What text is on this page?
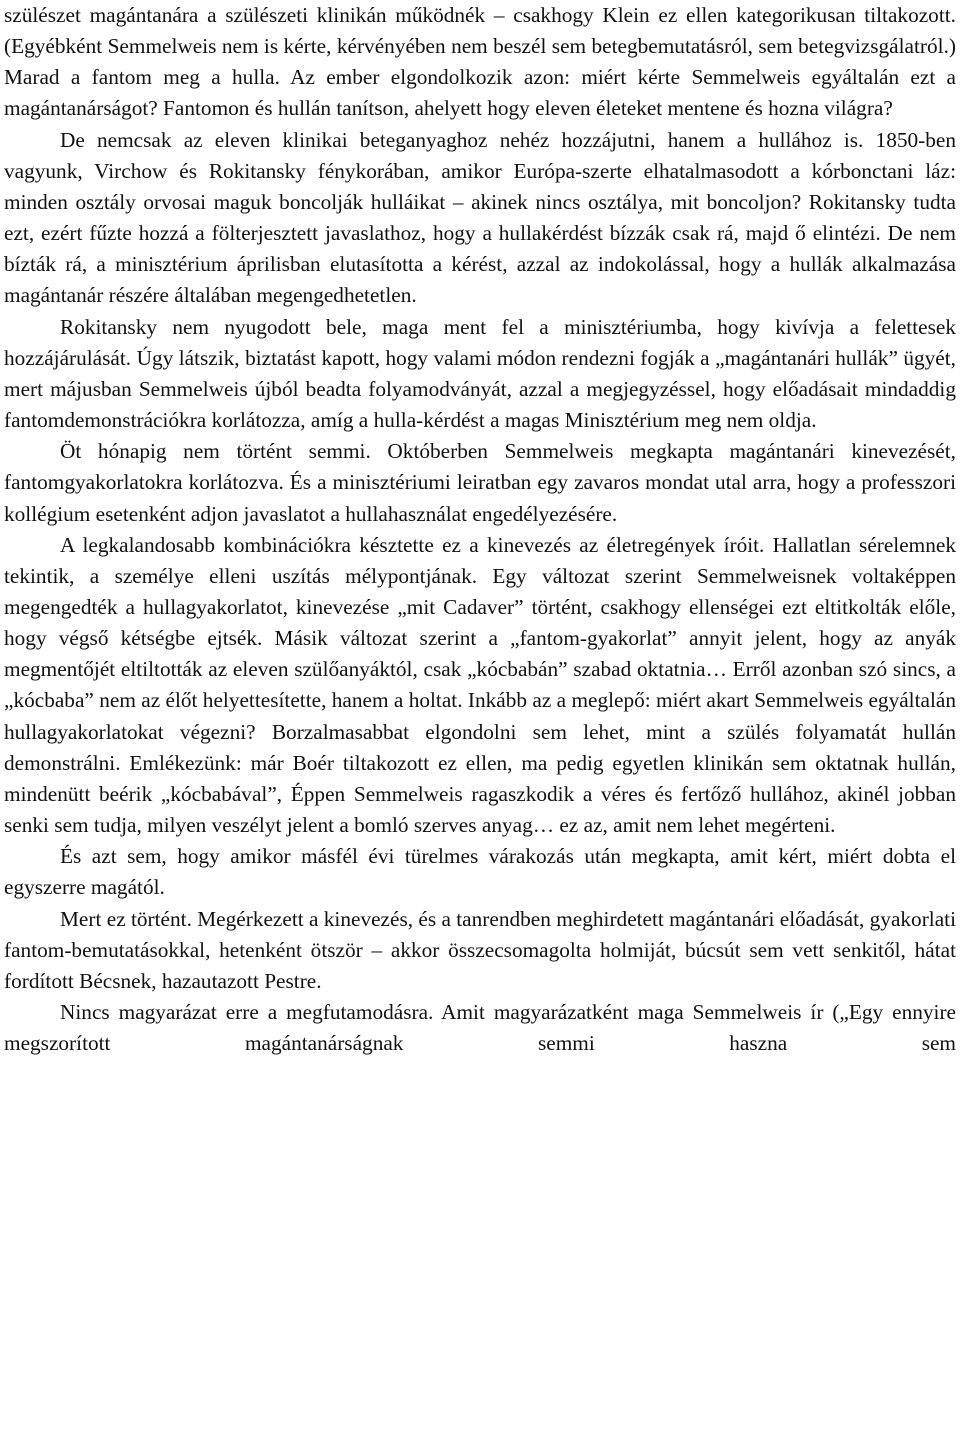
szülészet magántanára a szülészeti klinikán működnék – csakhogy Klein ez ellen kategorikusan tiltakozott. (Egyébként Semmelweis nem is kérte, kérvényében nem beszél sem betegbemutatásról, sem betegvizsgálatról.) Marad a fantom meg a hulla. Az ember elgondolkozik azon: miért kérte Semmelweis egyáltalán ezt a magántanárságot? Fantomon és hullán tanítson, ahelyett hogy eleven életeket mentene és hozna világra?

De nemcsak az eleven klinikai beteganyaghoz nehéz hozzájutni, hanem a hullához is. 1850-ben vagyunk, Virchow és Rokitansky fénykorában, amikor Európa-szerte elhatalmasodott a kórbonctani láz: minden osztály orvosai maguk boncolják hulláikat – akinek nincs osztálya, mit boncoljon? Rokitansky tudta ezt, ezért fűzte hozzá a fölterjesztett javaslathoz, hogy a hullakérdést bízzák csak rá, majd ő elintézi. De nem bízták rá, a minisztérium áprilisban elutasította a kérést, azzal az indokolással, hogy a hullák alkalmazása magántanár részére általában megengedhetetlen.

Rokitansky nem nyugodott bele, maga ment fel a minisztériumba, hogy kivívja a felettesek hozzájárulását. Úgy látszik, biztatást kapott, hogy valami módon rendezni fogják a „magántanári hullák” ügyét, mert májusban Semmelweis újból beadta folyamodványát, azzal a megjegyzéssel, hogy előadásait mindaddig fantomdemonstrációkra korlátozza, amíg a hulla-kérdést a magas Minisztérium meg nem oldja.

Öt hónapig nem történt semmi. Októberben Semmelweis megkapta magántanári kinevezését, fantomgyakorlatokra korlátozva. És a minisztériumi leiratban egy zavaros mondat utal arra, hogy a professzori kollégium esetenként adjon javaslatot a hullahasználat engedélyezésére.

A legkalandosabb kombinációkra késztette ez a kinevezés az életregények íróit. Hallatlan sérelemnek tekintik, a személye elleni uszítás mélypontjának. Egy változat szerint Semmelweisnek voltaképpen megengedték a hullagyakorlatot, kinevezése „mit Cadaver” történt, csakhogy ellenségei ezt eltitkolták előle, hogy végső kétségbe ejtsék. Másik változat szerint a „fantom-gyakorlat” annyit jelent, hogy az anyák megmentőjét eltiltották az eleven szülőanyáktól, csak „kócbabán” szabad oktatnia… Erről azonban szó sincs, a „kócbaba” nem az élőt helyettesítette, hanem a holtat. Inkább az a meglepő: miért akart Semmelweis egyáltalán hullagyakorlatokat végezni? Borzalmasabbat elgondolni sem lehet, mint a szülés folyamatát hullán demonstrálni. Emlékezünk: már Boér tiltakozott ez ellen, ma pedig egyetlen klinikán sem oktatnak hullán, mindenütt beérik „kócbabával”, Éppen Semmelweis ragaszkodik a véres és fertőző hullához, akinél jobban senki sem tudja, milyen veszélyt jelent a bomló szerves anyag… ez az, amit nem lehet megérteni.

És azt sem, hogy amikor másfél évi türelmes várakozás után megkapta, amit kért, miért dobta el egyszerre magától.

Mert ez történt. Megérkezett a kinevezés, és a tanrendben meghirdetett magántanári előadását, gyakorlati fantom-bemutatásokkal, hetenként ötször – akkor összecsomagolta holmiját, búcsút sem vett senkitől, hátat fordított Bécsnek, hazautazott Pestre.

Nincs magyarázat erre a megfutamodásra. Amit magyarázatként maga Semmelweis ír („Egy ennyire megszorított magántanárságnak semmi haszna sem
